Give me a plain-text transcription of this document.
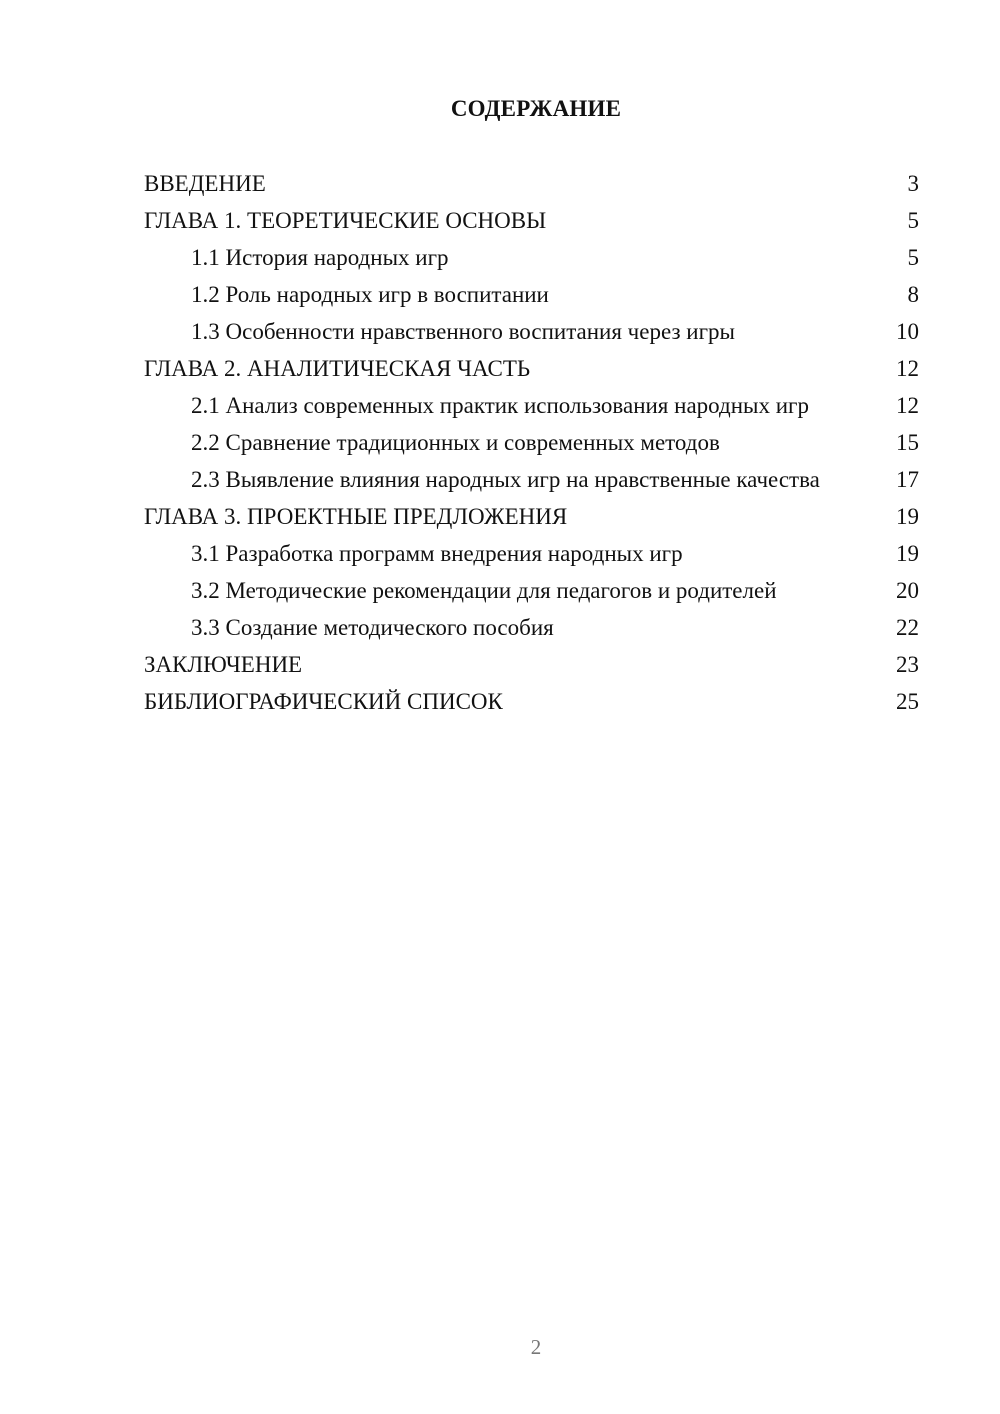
СОДЕРЖАНИЕ
ВВЕДЕНИЕ	3
ГЛАВА 1. ТЕОРЕТИЧЕСКИЕ ОСНОВЫ	5
1.1 История народных игр	5
1.2 Роль народных игр в воспитании	8
1.3 Особенности нравственного воспитания через игры	10
ГЛАВА 2. АНАЛИТИЧЕСКАЯ ЧАСТЬ	12
2.1 Анализ современных практик использования народных игр	12
2.2 Сравнение традиционных и современных методов	15
2.3 Выявление влияния народных игр на нравственные качества	17
ГЛАВА 3. ПРОЕКТНЫЕ ПРЕДЛОЖЕНИЯ	19
3.1 Разработка программ внедрения народных игр	19
3.2 Методические рекомендации для педагогов и родителей	20
3.3 Создание методического пособия	22
ЗАКЛЮЧЕНИЕ	23
БИБЛИОГРАФИЧЕСКИЙ СПИСОК	25
2
